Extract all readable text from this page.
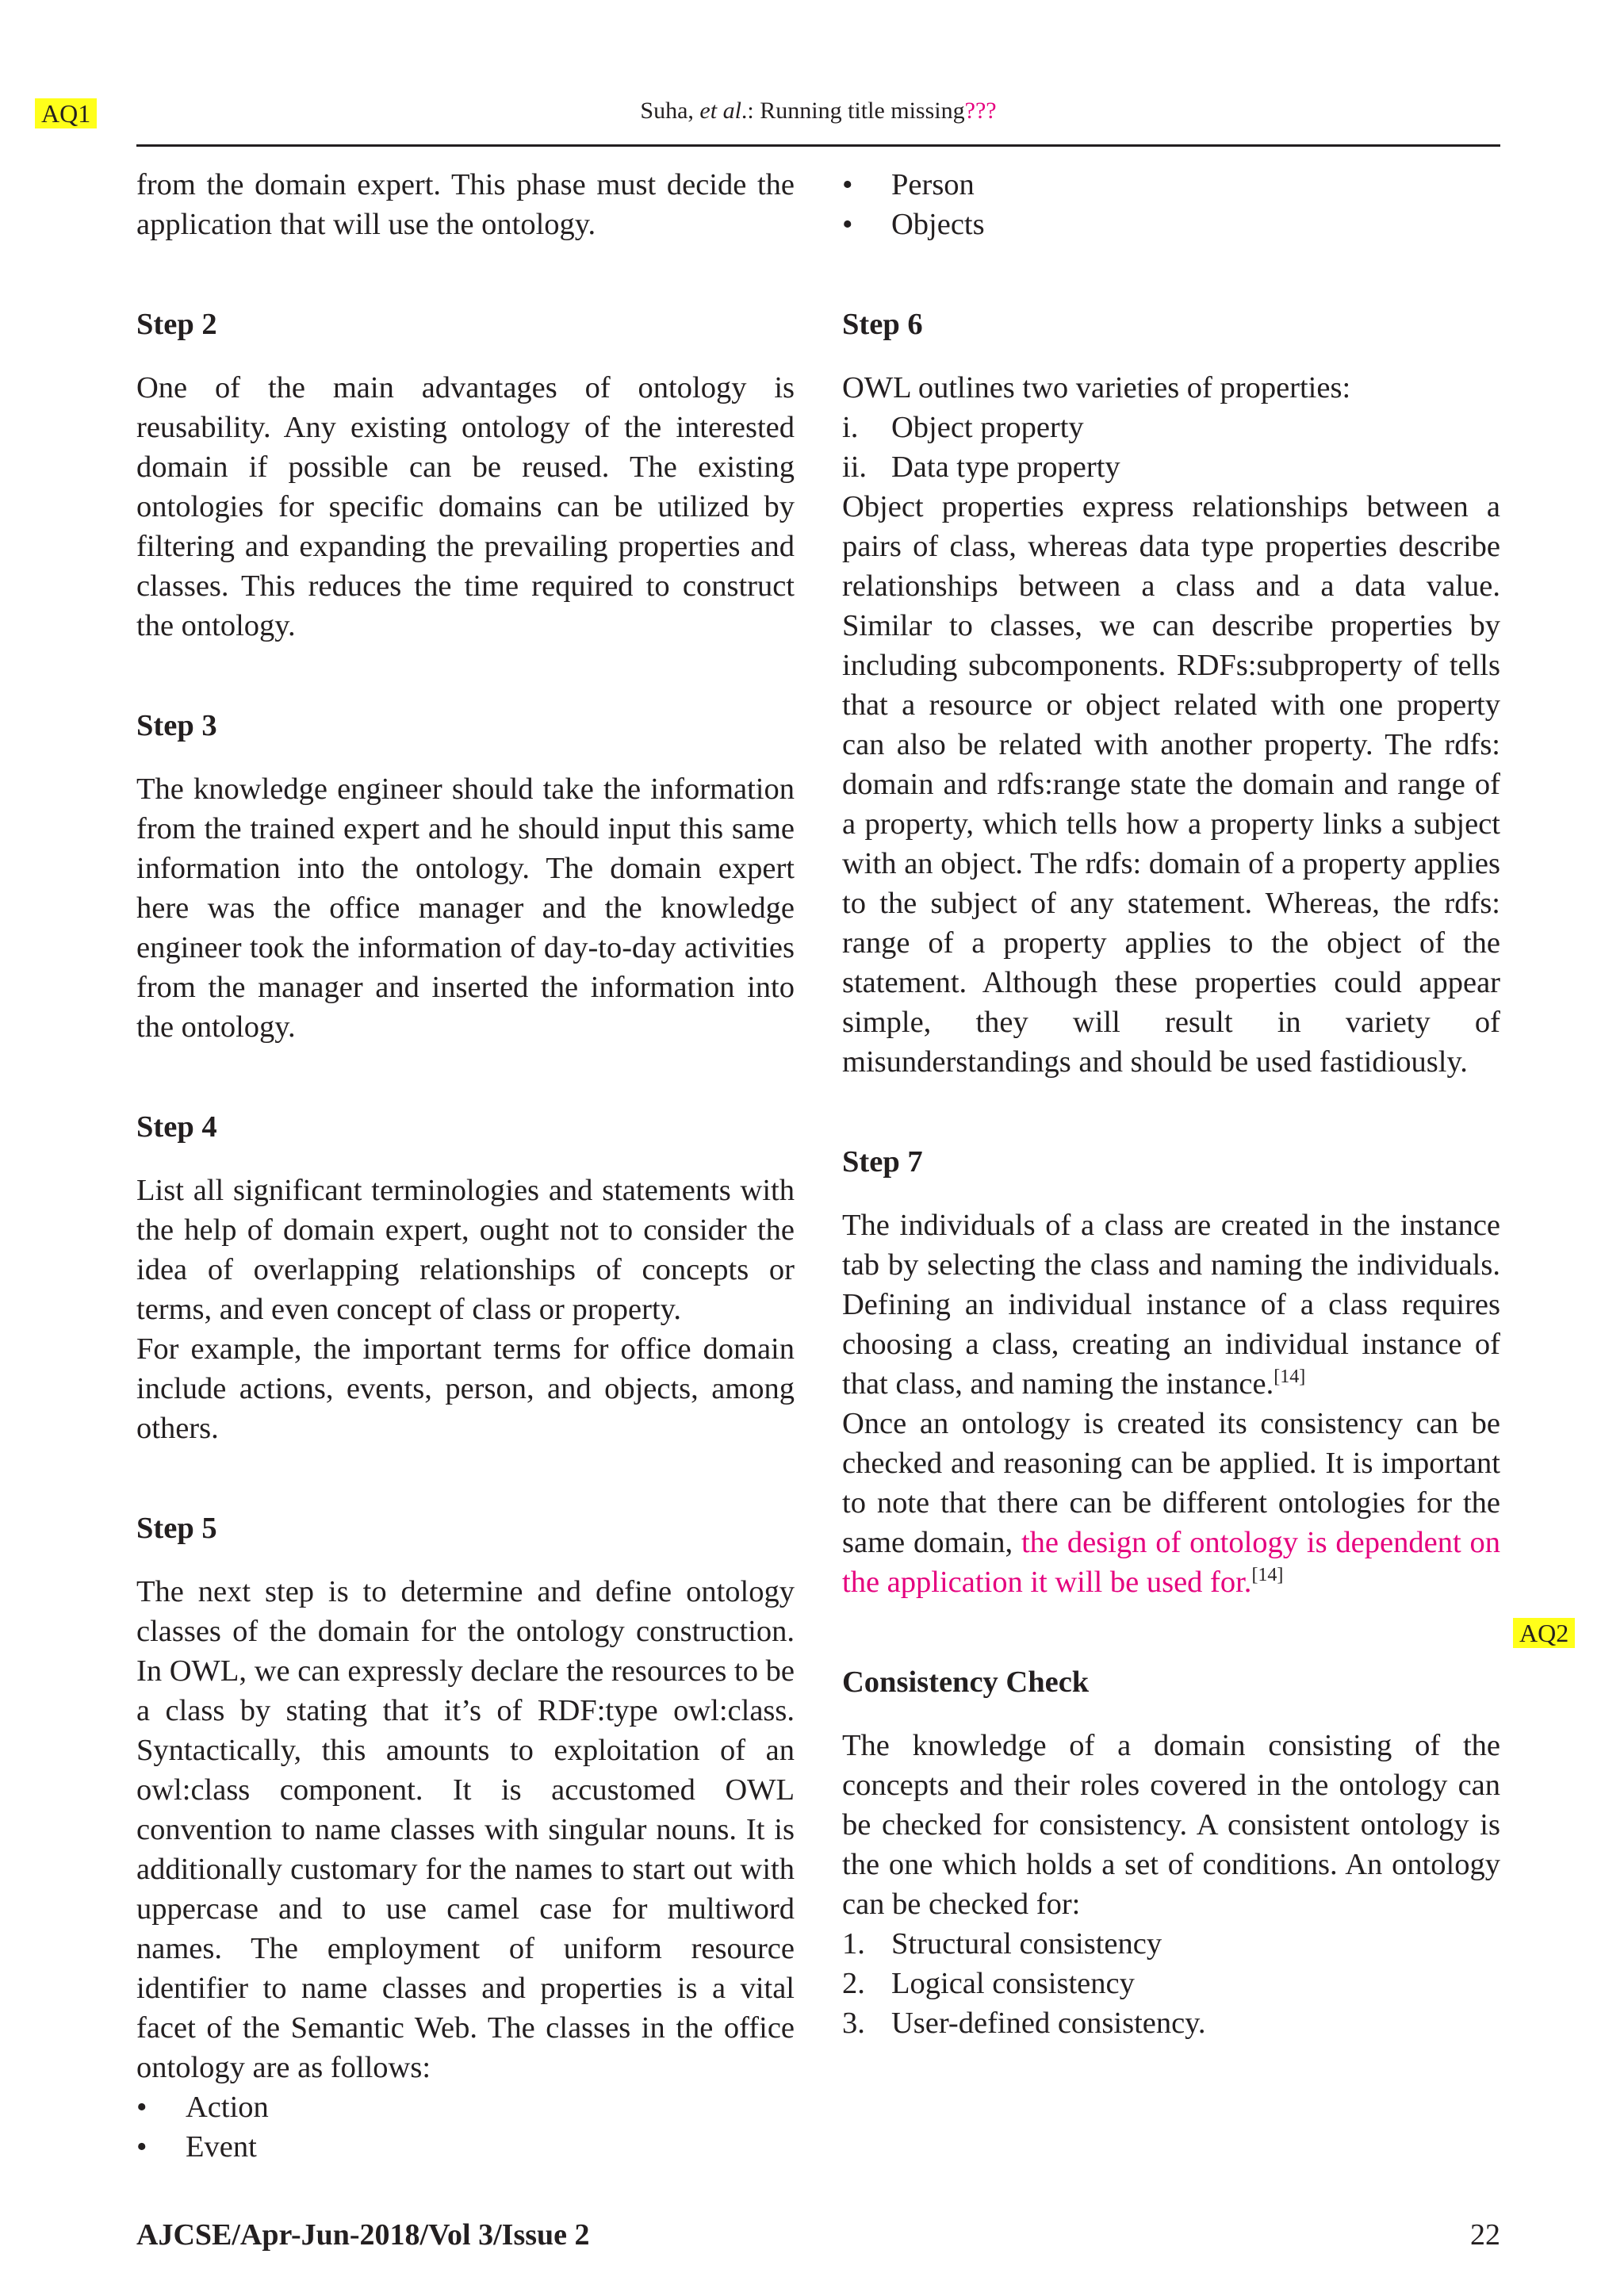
AQ1	Suha, et al.: Running title missing???

from the domain expert. This phase must decide the application that will use the ontology.

Step 2

One of the main advantages of ontology is reusability. Any existing ontology of the interested domain if possible can be reused. The existing ontologies for specific domains can be utilized by filtering and expanding the prevailing properties and classes. This reduces the time required to construct the ontology.

Step 3

The knowledge engineer should take the information from the trained expert and he should input this same information into the ontology. The domain expert here was the office manager and the knowledge engineer took the information of day-to-day activities from the manager and inserted the information into the ontology.

Step 4

List all significant terminologies and statements with the help of domain expert, ought not to consider the idea of overlapping relationships of concepts or terms, and even concept of class or property.

For example, the important terms for office domain include actions, events, person, and objects, among others.

Step 5

The next step is to determine and define ontology classes of the domain for the ontology construction. In OWL, we can expressly declare the resources to be a class by stating that it’s of RDF:type owl:class. Syntactically, this amounts to exploitation of an owl:class component. It is accustomed OWL convention to name classes with singular nouns. It is additionally customary for the names to start out with uppercase and to use camel case for multiword names. The employment of uniform resource identifier to name classes and properties is a vital facet of the Semantic Web. The classes in the office ontology are as follows:

•	Action
•	Event
•	Person
•	Objects
Step 6

OWL outlines two varieties of properties:

i.	Object property
ii. Data type property

Object properties express relationships between a pairs of class, whereas data type properties describe relationships between a class and a data value. Similar to classes, we can describe properties by including subcomponents. RDFs:subproperty of tells that a resource or object related with one property can also be related with another property. The rdfs: domain and rdfs:range state the domain and range of a property, which tells how a property links a subject with an object. The rdfs: domain of a property applies to the subject of any statement. Whereas, the rdfs: range of a property applies to the object of the statement. Although these properties could appear simple, they will result in variety of misunderstandings and should be used fastidiously.

Step 7

The individuals of a class are created in the instance tab by selecting the class and naming the individuals. Defining an individual instance of a class requires choosing a class, creating an individual instance of that class, and naming the instance.[14]

Once an ontology is created its consistency can be checked and reasoning can be applied. It is important to note that there can be different ontologies for the same domain, the design of ontology is dependent on the application it will be used for.[14]

Consistency Check

The knowledge of a domain consisting of the concepts and their roles covered in the ontology can be checked for consistency. A consistent ontology is the one which holds a set of conditions. An ontology can be checked for:

1. Structural consistency
2. Logical consistency
3. User-defined consistency.
AQ2
AJCSE/Apr-Jun-2018/Vol 3/Issue 2	22
